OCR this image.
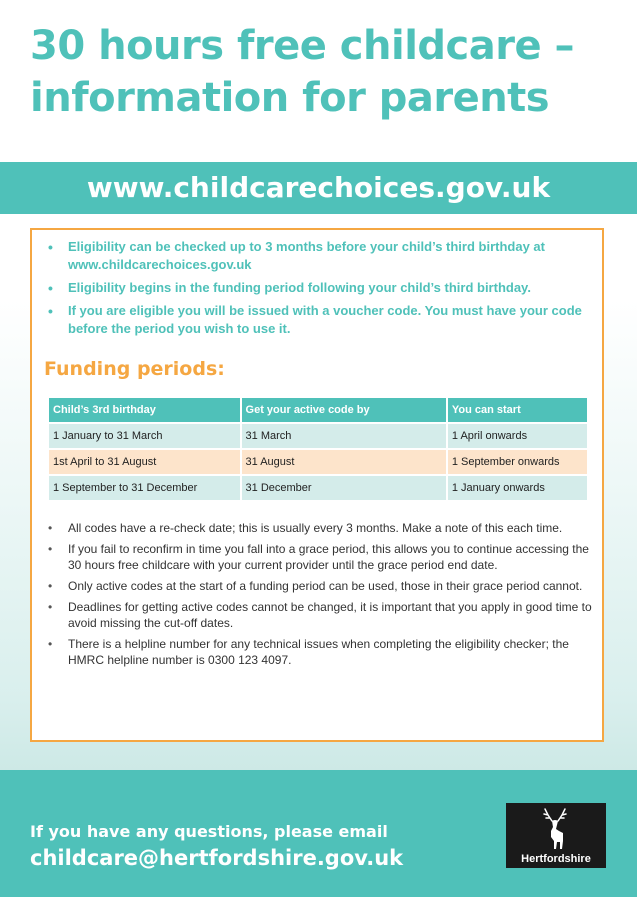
30 hours free childcare –
information for parents
www.childcarechoices.gov.uk
• Eligibility can be checked up to 3 months before your child’s third birthday at www.childcarechoices.gov.uk
• Eligibility begins in the funding period following your child’s third birthday.
• If you are eligible you will be issued with a voucher code. You must have your code before the period you wish to use it.
Funding periods:
Child’s 3rd birthday	Get your active code by	You can start
1 January to 31 March	31 March	1 April onwards
1st April to 31 August	31 August	1 September onwards
1 September to 31 December	31 December	1 January onwards
• All codes have a re-check date; this is usually every 3 months. Make a note of this each time.
• If you fail to reconfirm in time you fall into a grace period, this allows you to continue accessing the 30 hours free childcare with your current provider until the grace period end date.
• Only active codes at the start of a funding period can be used, those in their grace period cannot.
• Deadlines for getting active codes cannot be changed, it is important that you apply in good time to avoid missing the cut-off dates.
• There is a helpline number for any technical issues when completing the eligibility checker; the HMRC helpline number is 0300 123 4097.
If you have any questions, please email
childcare@hertfordshire.gov.uk	Hertfordshire
